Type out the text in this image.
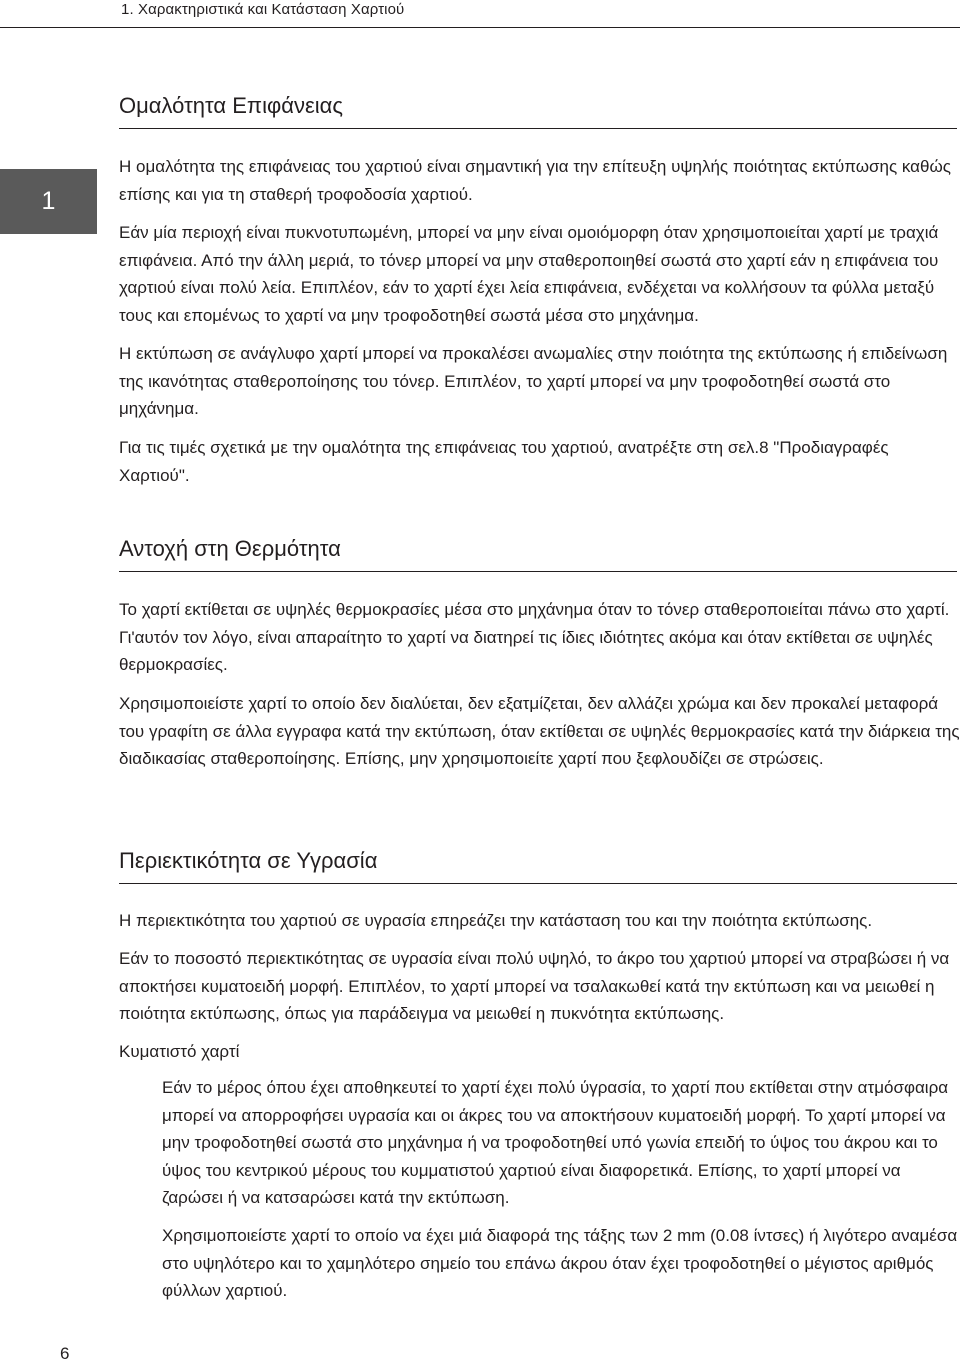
1. Χαρακτηριστικά και Κατάσταση Χαρτιού
1
Ομαλότητα Επιφάνειας

Η ομαλότητα της επιφάνειας του χαρτιού είναι σημαντική για την επίτευξη υψηλής ποιότητας εκτύπωσης καθώς επίσης και για τη σταθερή τροφοδοσία χαρτιού.

Εάν μία περιοχή είναι πυκνοτυπωμένη, μπορεί να μην είναι ομοιόμορφη όταν χρησιμοποιείται χαρτί με τραχιά επιφάνεια. Από την άλλη μεριά, το τόνερ μπορεί να μην σταθεροποιηθεί σωστά στο χαρτί εάν η επιφάνεια του χαρτιού είναι πολύ λεία. Επιπλέον, εάν το χαρτί έχει λεία επιφάνεια, ενδέχεται να κολλήσουν τα φύλλα μεταξύ τους και επομένως το χαρτί να μην τροφοδοτηθεί σωστά μέσα στο μηχάνημα.

Η εκτύπωση σε ανάγλυφο χαρτί μπορεί να προκαλέσει ανωμαλίες στην ποιότητα της εκτύπωσης ή επιδείνωση της ικανότητας σταθεροποίησης του τόνερ. Επιπλέον, το χαρτί μπορεί να μην τροφοδοτηθεί σωστά στο μηχάνημα.

Για τις τιμές σχετικά με την ομαλότητα της επιφάνειας του χαρτιού, ανατρέξτε στη σελ.8 "Προδιαγραφές Χαρτιού".

Αντοχή στη Θερμότητα

Το χαρτί εκτίθεται σε υψηλές θερμοκρασίες μέσα στο μηχάνημα όταν το τόνερ σταθεροποιείται πάνω στο χαρτί. Γι'αυτόν τον λόγο, είναι απαραίτητο το χαρτί να διατηρεί τις ίδιες ιδιότητες ακόμα και όταν εκτίθεται σε υψηλές θερμοκρασίες.

Χρησιμοποιείστε χαρτί το οποίο δεν διαλύεται, δεν εξατμίζεται, δεν αλλάζει χρώμα και δεν προκαλεί μεταφορά του γραφίτη σε άλλα εγγραφα κατά την εκτύπωση, όταν εκτίθεται σε υψηλές θερμοκρασίες κατά την διάρκεια της διαδικασίας σταθεροποίησης. Επίσης, μην χρησιμοποιείτε χαρτί που ξεφλουδίζει σε στρώσεις.

Περιεκτικότητα σε Υγρασία

Η περιεκτικότητα του χαρτιού σε υγρασία επηρεάζει την κατάσταση του και την ποιότητα εκτύπωσης.

Εάν το ποσοστό περιεκτικότητας σε υγρασία είναι πολύ υψηλό, το άκρο του χαρτιού μπορεί να στραβώσει ή να αποκτήσει κυματοειδή μορφή. Επιπλέον, το χαρτί μπορεί να τσαλακωθεί κατά την εκτύπωση και να μειωθεί η ποιότητα εκτύπωσης, όπως για παράδειγμα να μειωθεί η πυκνότητα εκτύπωσης.

Κυματιστό χαρτί

Εάν το μέρος όπου έχει αποθηκευτεί το χαρτί έχει πολύ ύγρασία, το χαρτί που εκτίθεται στην ατμόσφαιρα μπορεί να απορροφήσει υγρασία και οι άκρες του να αποκτήσουν κυματοειδή μορφή. Το χαρτί μπορεί να μην τροφοδοτηθεί σωστά στο μηχάνημα ή να τροφοδοτηθεί υπό γωνία επειδή το ύψος του άκρου και το ύψος του κεντρικού μέρους του κυμματιστού χαρτιού είναι διαφορετικά. Επίσης, το χαρτί μπορεί να ζαρώσει ή να κατσαρώσει κατά την εκτύπωση.

Χρησιμοποιείστε χαρτί το οποίο να έχει μιά διαφορά της τάξης των 2 mm (0.08 ίντσες) ή λιγότερο αναμέσα στο υψηλότερο και το χαμηλότερο σημείο του επάνω άκρου όταν έχει τροφοδοτηθεί ο μέγιστος αριθμός φύλλων χαρτιού.

6
